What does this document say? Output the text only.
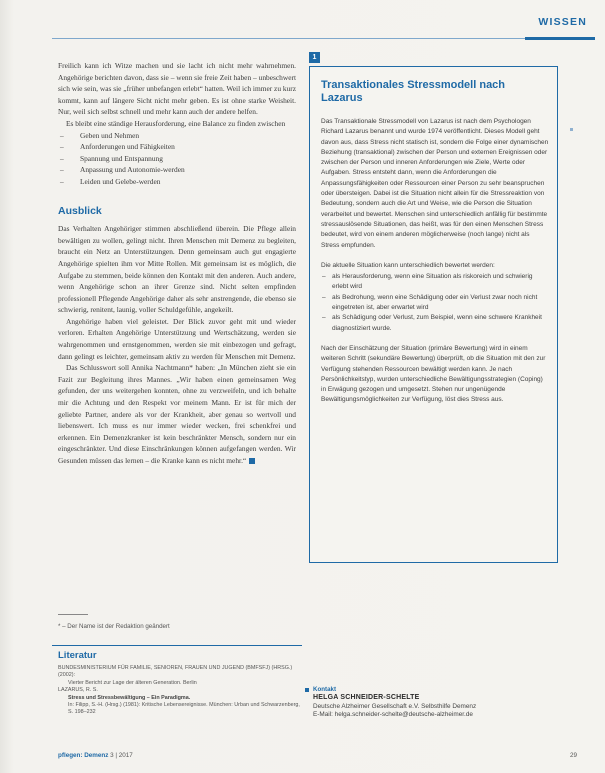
WISSEN

Freilich kann ich Witze machen und sie lacht ich nicht mehr wahrnehmen. Angehörige berichten davon, dass sie – wenn sie freie Zeit haben – unbeschwert sich wie sein, was sie „früher unbefangen erlebt“ hatten. Weil ich immer zu kurz kommt, kann auf längere Sicht nicht mehr geben. Es ist ohne starke Weisheit. Nur, weil sich selbst schnell und mehr kann auch der andere helfen.

Es bleibt eine ständige Herausforderung, eine Balance zu finden zwischen

– Geben und Nehmen
– Anforderungen und Fähigkeiten
– Spannung und Entspannung
– Anpassung und Autonomie-werden
– Leiden und Gelebe-werden
Ausblick

Das Verhalten Angehöriger stimmen abschließend überein. Die Pflege allein bewältigen zu wollen, gelingt nicht. Ihren Menschen mit Demenz zu begleiten, braucht ein Netz an Unterstützungen. Denn gemeinsam auch gut engagierte Angehörige spielten ihm vor Mitte Rollen. Mit gemeinsam ist es möglich, die Aufgabe zu stemmen, beide können den Kontakt mit den anderen. Auch andere, wenn Angehörige schon an ihrer Grenze sind. Nicht selten empfinden professionell Pflegende Angehörige daher als sehr anstrengende, die ebenso sie schwierig, renitent, launig, voller Schuldgefühle, angekeilt.

Angehörige haben viel geleistet. Der Blick zuvor geht mit und wieder verloren. Erhalten Angehörige Unterstützung und Wertschätzung, werden sie wahrgenommen und ernstgenommen, werden sie mit einbezogen und gefragt, dann gelingt es leichter, gemeinsam aktiv zu werden für Menschen mit Demenz.

Das Schlusswort soll Annika Nachtmann* haben: „In München zieht sie ein Fazit zur Begleitung ihres Mannes. „Wir haben einen gemeinsamen Weg gefunden, der uns weitergehen konnten, ohne zu verzweifeln, und ich behalte mir die Achtung und den Respekt vor meinem Mann. Er ist für mich der geliebte Partner, andere als vor der Krankheit, aber genau so wertvoll und liebenswert. Ich muss es nur immer wieder wecken, frei schenkfrei und erkennen. Ein Demenzkranker ist kein beschränkter Mensch, sondern nur ein eingeschränkter. Und diese Einschränkungen können aufgefangen werden. Wir Gesunden müssen das lernen – die Kranke kann es nicht mehr.“

* – Der Name ist der Redaktion geändert
1
Transaktionales Stressmodell nach Lazarus

Das Transaktionale Stressmodell von Lazarus ist nach dem Psychologen Richard Lazarus benannt und wurde 1974 veröffentlicht. Dieses Modell geht davon aus, dass Stress nicht statisch ist, sondern die Folge einer dynamischen Beziehung (transaktional) zwischen der Person und externen Ereignissen oder zwischen der Person und inneren Anforderungen wie Ziele, Werte oder Aufgaben. Stress entsteht dann, wenn die Anforderungen die Anpassungsfähigkeiten oder Ressourcen einer Person zu sehr beanspruchen oder übersteigen. Dabei ist die Situation nicht allein für die Stressreaktion von Bedeutung, sondern auch die Art und Weise, wie die Person die Situation verarbeitet und bewertet. Menschen sind unterschiedlich anfällig für bestimmte stressauslösende Situationen, das heißt, was für den einen Menschen Stress bedeutet, wird von einem anderen möglicherweise (noch lange) nicht als Stress empfunden.

Die aktuelle Situation kann unterschiedlich bewertet werden:

– als Herausforderung, wenn eine Situation als riskoreich und schwierig erlebt wird
– als Bedrohung, wenn eine Schädigung oder ein Verlust zwar noch nicht eingetreten ist, aber erwartet wird
– als Schädigung oder Verlust, zum Beispiel, wenn eine schwere Krankheit diagnostiziert wurde.

Nach der Einschätzung der Situation (primäre Bewertung) wird in einem weiteren Schritt (sekundäre Bewertung) überprüft, ob die Situation mit den zur Verfügung stehenden Ressourcen bewältigt werden kann. Je nach Persönlichkeitstyp, wurden unterschiedliche Bewältigungsstrategien (Coping) in Erwägung gezogen und umgesetzt. Stehen nur ungenügende Bewältigungsmöglichkeiten zur Verfügung, löst dies Stress aus.

Literatur
BUNDESMINISTERIUM FÜR FAMILIE, SENIOREN, FRAUEN UND JUGEND (BMFSFJ) (HRSG.) (2002):
Vierter Bericht zur Lage der älteren Generation. Berlin
LAZARUS, R. S.
Stress und Stressbewältigung – Ein Paradigma.
In: Filipp, S.-H. (Hrsg.) (1981): Kritische Lebensereignisse. München: Urban und Schwarzenberg, S. 198–232
Kontakt
HELGA SCHNEIDER-SCHELTE
Deutsche Alzheimer Gesellschaft e.V. Selbsthilfe Demenz
E-Mail: helga.schneider-schelte@deutsche-alzheimer.de
pflegen: Demenz 3 | 2017	29
